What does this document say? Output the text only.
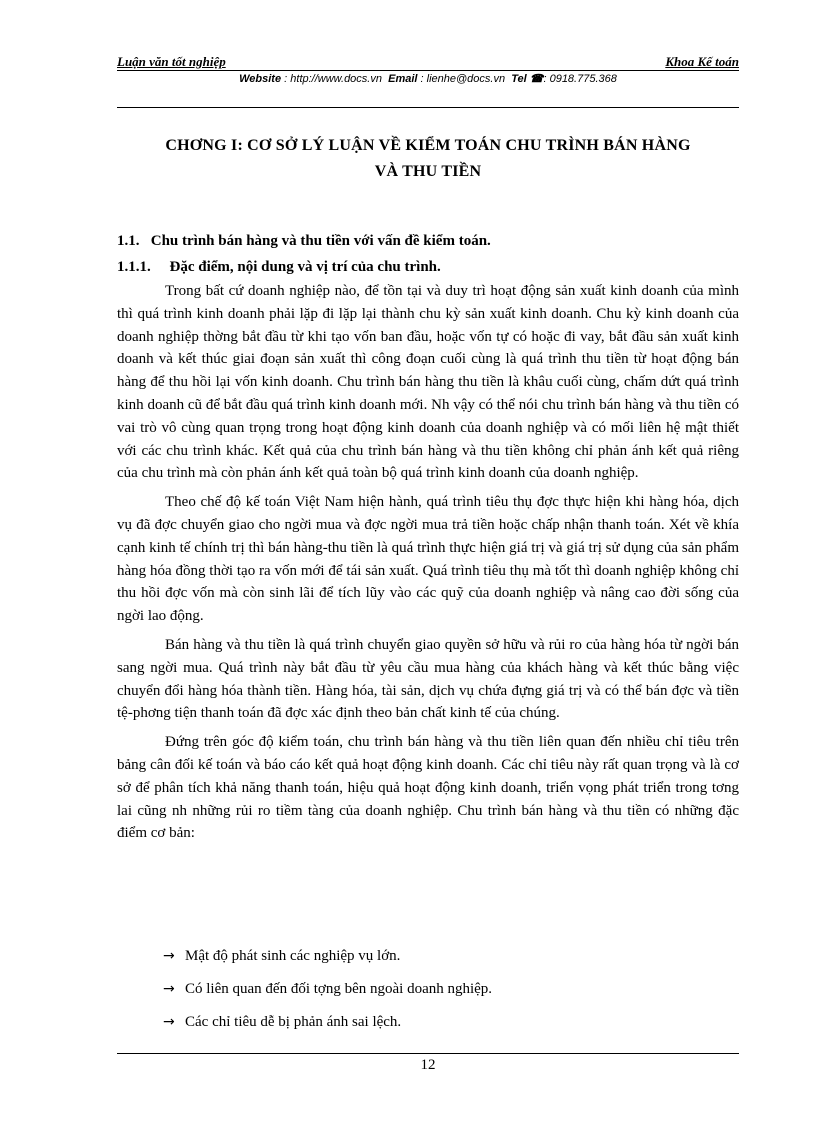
Luận văn tốt nghiệp	Khoa Kế toán
Website : http://www.docs.vn Email : lienhe@docs.vn Tel ☎: 0918.775.368
CHƠNG I: CƠ SỞ LÝ LUẬN VỀ KIỂM TOÁN CHU TRÌNH BÁN HÀNG
VÀ THU TIỀN
1.1. Chu trình bán hàng và thu tiền với vấn đề kiểm toán.
1.1.1. Đặc điểm, nội dung và vị trí của chu trình.

Trong bất cứ doanh nghiệp nào, để tồn tại và duy trì hoạt động sản xuất kinh doanh của mình thì quá trình kinh doanh phải lặp đi lặp lại thành chu kỳ sản xuất kinh doanh. Chu kỳ kinh doanh của doanh nghiệp thờng bắt đầu từ khi tạo vốn ban đầu, hoặc vốn tự có hoặc đi vay, bắt đầu sản xuất kinh doanh và kết thúc giai đoạn sản xuất thì công đoạn cuối cùng là quá trình thu tiền từ hoạt động bán hàng để thu hồi lại vốn kinh doanh. Chu trình bán hàng thu tiền là khâu cuối cùng, chấm dứt quá trình kinh doanh cũ để bắt đầu quá trình kinh doanh mới. Nh vậy có thể nói chu trình bán hàng và thu tiền có vai trò vô cùng quan trọng trong hoạt động kinh doanh của doanh nghiệp và có mối liên hệ mật thiết với các chu trình khác. Kết quả của chu trình bán hàng và thu tiền không chỉ phản ánh kết quả riêng của chu trình mà còn phản ánh kết quả toàn bộ quá trình kinh doanh của doanh nghiệp.

Theo chế độ kế toán Việt Nam hiện hành, quá trình tiêu thụ đợc thực hiện khi hàng hóa, dịch vụ đã đợc chuyển giao cho ngời mua và đợc ngời mua trả tiền hoặc chấp nhận thanh toán. Xét về khía cạnh kinh tế chính trị thì bán hàng-thu tiền là quá trình thực hiện giá trị và giá trị sử dụng của sản phẩm hàng hóa đồng thời tạo ra vốn mới để tái sản xuất. Quá trình tiêu thụ mà tốt thì doanh nghiệp không chỉ thu hồi đợc vốn mà còn sinh lãi để tích lũy vào các quỹ của doanh nghiệp và nâng cao đời sống của ngời lao động.

Bán hàng và thu tiền là quá trình chuyển giao quyền sở hữu và rủi ro của hàng hóa từ ngời bán sang ngời mua. Quá trình này bắt đầu từ yêu cầu mua hàng của khách hàng và kết thúc bằng việc chuyển đổi hàng hóa thành tiền. Hàng hóa, tài sản, dịch vụ chứa đựng giá trị và có thể bán đợc và tiền tệ-phơng tiện thanh toán đã đợc xác định theo bản chất kinh tế của chúng.

Đứng trên góc độ kiểm toán, chu trình bán hàng và thu tiền liên quan đến nhiều chỉ tiêu trên bảng cân đối kế toán và báo cáo kết quả hoạt động kinh doanh. Các chỉ tiêu này rất quan trọng và là cơ sở để phân tích khả năng thanh toán, hiệu quả hoạt động kinh doanh, triển vọng phát triển trong tơng lai cũng nh những rủi ro tiềm tàng của doanh nghiệp. Chu trình bán hàng và thu tiền có những đặc điểm cơ bản:

→ Mật độ phát sinh các nghiệp vụ lớn.
→ Có liên quan đến đối tợng bên ngoài doanh nghiệp.
→ Các chỉ tiêu dễ bị phản ánh sai lệch.
12
